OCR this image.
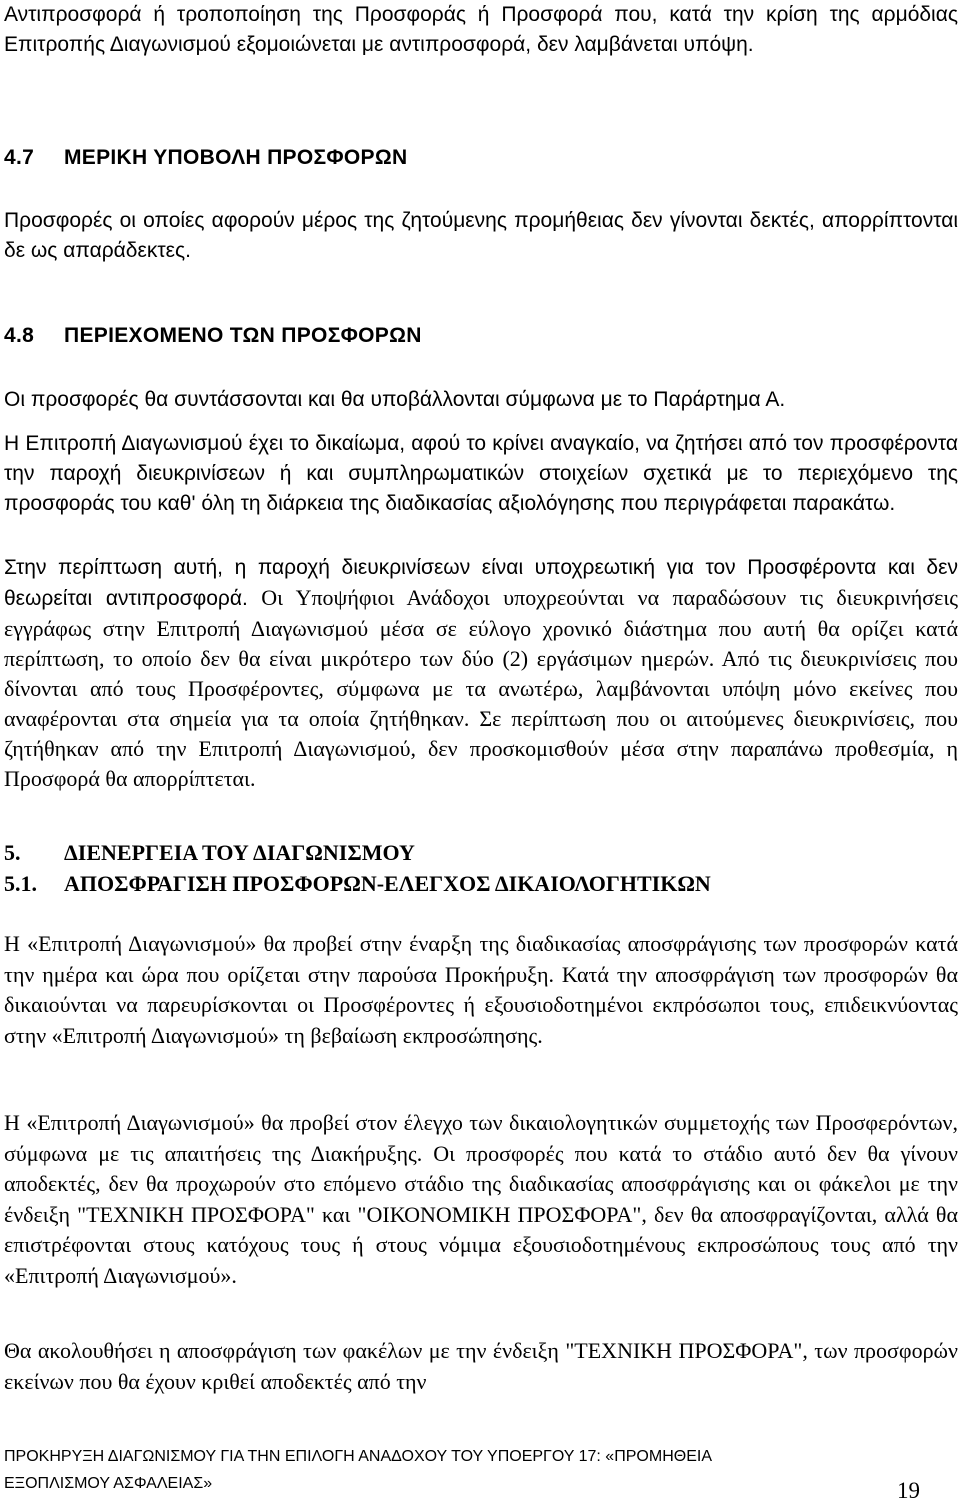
Αντιπροσφορά ή τροποποίηση της Προσφοράς ή Προσφορά που, κατά την κρίση της αρμόδιας Επιτροπής Διαγωνισμού εξομοιώνεται με αντιπροσφορά, δεν λαμβάνεται υπόψη.

4.7 ΜΕΡΙΚΗ ΥΠΟΒΟΛΗ ΠΡΟΣΦΟΡΩΝ

Προσφορές οι οποίες αφορούν μέρος της ζητούμενης προμήθειας δεν γίνονται δεκτές, απορρίπτονται δε ως απαράδεκτες.

4.8 ΠΕΡΙΕΧΟΜΕΝΟ ΤΩΝ ΠΡΟΣΦΟΡΩΝ

Οι προσφορές θα συντάσσονται και θα υποβάλλονται σύμφωνα με το Παράρτημα Α.

Η Επιτροπή Διαγωνισμού έχει το δικαίωμα, αφού το κρίνει αναγκαίο, να ζητήσει από τον προσφέροντα την παροχή διευκρινίσεων ή και συμπληρωματικών στοιχείων σχετικά με το περιεχόμενο της προσφοράς του καθ' όλη τη διάρκεια της διαδικασίας αξιολόγησης που περιγράφεται παρακάτω.

Στην περίπτωση αυτή, η παροχή διευκρινίσεων είναι υποχρεωτική για τον Προσφέροντα και δεν θεωρείται αντιπροσφορά. Οι Υποψήφιοι Ανάδοχοι υποχρεούνται να παραδώσουν τις διευκρινήσεις εγγράφως στην Επιτροπή Διαγωνισμού μέσα σε εύλογο χρονικό διάστημα που αυτή θα ορίζει κατά περίπτωση, το οποίο δεν θα είναι μικρότερο των δύο (2) εργάσιμων ημερών. Από τις διευκρινίσεις που δίνονται από τους Προσφέροντες, σύμφωνα με τα ανωτέρω, λαμβάνονται υπόψη μόνο εκείνες που αναφέρονται στα σημεία για τα οποία ζητήθηκαν. Σε περίπτωση που οι αιτούμενες διευκρινίσεις, που ζητήθηκαν από την Επιτροπή Διαγωνισμού, δεν προσκομισθούν μέσα στην παραπάνω προθεσμία, η Προσφορά θα απορρίπτεται.

5. ΔΙΕΝΕΡΓΕΙΑ ΤΟΥ ΔΙΑΓΩΝΙΣΜΟΥ
5.1. ΑΠΟΣΦΡΑΓΙΣΗ ΠΡΟΣΦΟΡΩΝ-ΕΛΕΓΧΟΣ ΔΙΚΑΙΟΛΟΓΗΤΙΚΩΝ

Η «Επιτροπή Διαγωνισμού» θα προβεί στην έναρξη της διαδικασίας αποσφράγισης των προσφορών κατά την ημέρα και ώρα που ορίζεται στην παρούσα Προκήρυξη. Κατά την αποσφράγιση των προσφορών θα δικαιούνται να παρευρίσκονται οι Προσφέροντες ή εξουσιοδοτημένοι εκπρόσωποι τους, επιδεικνύοντας στην «Επιτροπή Διαγωνισμού» τη βεβαίωση εκπροσώπησης.

Η «Επιτροπή Διαγωνισμού» θα προβεί στον έλεγχο των δικαιολογητικών συμμετοχής των Προσφερόντων, σύμφωνα με τις απαιτήσεις της Διακήρυξης. Οι προσφορές που κατά το στάδιο αυτό δεν θα γίνουν αποδεκτές, δεν θα προχωρούν στο επόμενο στάδιο της διαδικασίας αποσφράγισης και οι φάκελοι με την ένδειξη "ΤΕΧΝΙΚΗ ΠΡΟΣΦΟΡΑ" και "ΟΙΚΟΝΟΜΙΚΗ ΠΡΟΣΦΟΡΑ", δεν θα αποσφραγίζονται, αλλά θα επιστρέφονται στους κατόχους τους ή στους νόμιμα εξουσιοδοτημένους εκπροσώπους τους από την «Επιτροπή Διαγωνισμού».

Θα ακολουθήσει η αποσφράγιση των φακέλων με την ένδειξη "ΤΕΧΝΙΚΗ ΠΡΟΣΦΟΡΑ", των προσφορών εκείνων που θα έχουν κριθεί αποδεκτές από την

ΠΡΟΚΗΡΥΞΗ ΔΙΑΓΩΝΙΣΜΟΥ ΓΙΑ ΤΗΝ ΕΠΙΛΟΓΗ ΑΝΑΔΟΧΟΥ ΤΟΥ ΥΠΟΕΡΓΟΥ 17: «ΠΡΟΜΗΘΕΙΑ
ΕΞΟΠΛΙΣΜΟΥ ΑΣΦΑΛΕΙΑΣ»	19
